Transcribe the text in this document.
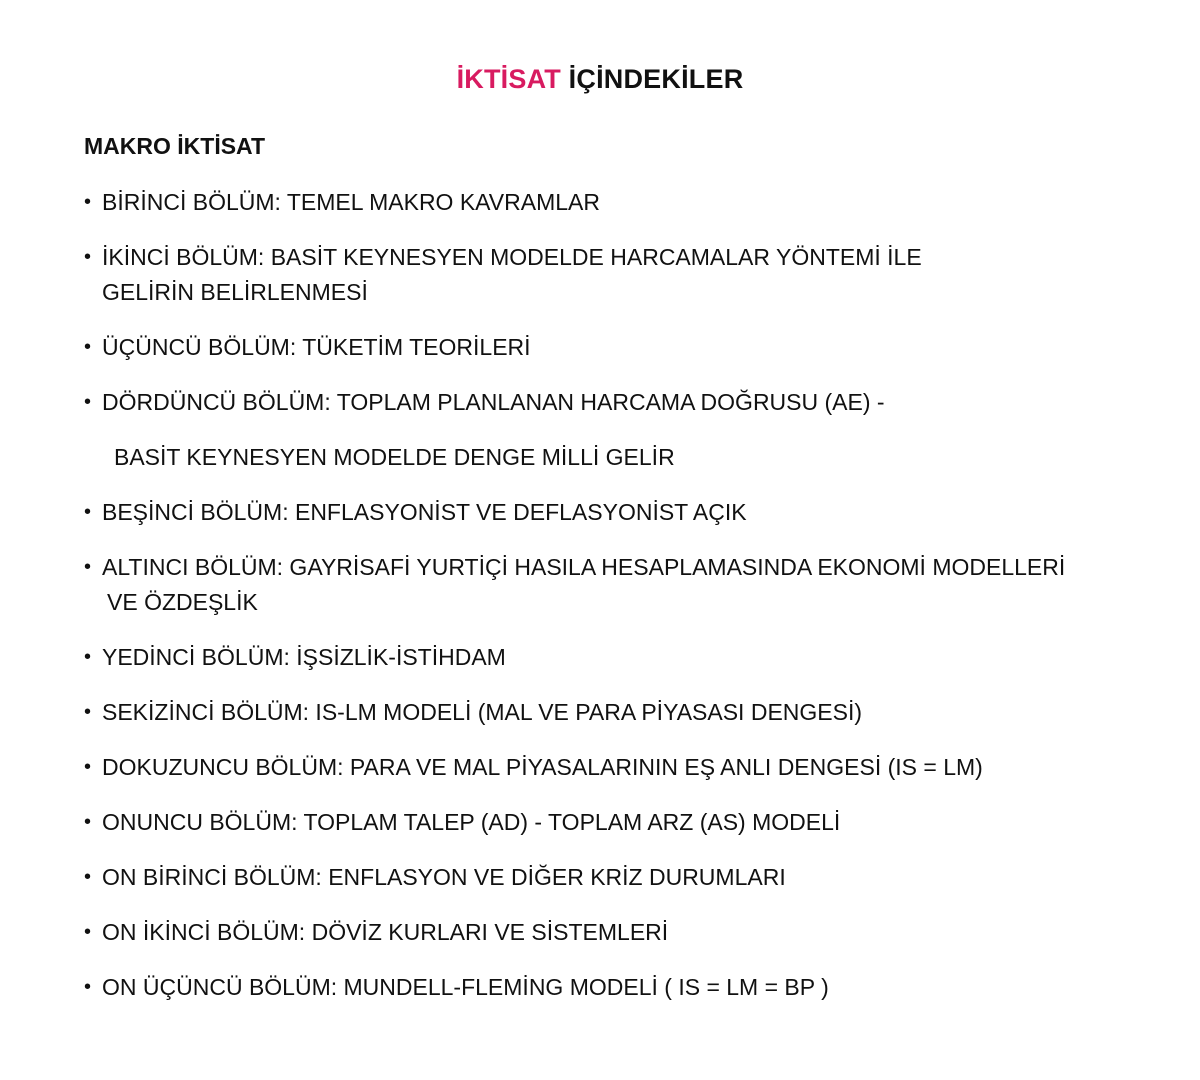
İKTİSAT İÇİNDEKİLER
MAKRO İKTİSAT
• BİRİNCİ BÖLÜM: TEMEL MAKRO KAVRAMLAR
• İKİNCİ BÖLÜM: BASİT KEYNESYEN MODELDE HARCAMALAR YÖNTEMİ İLE
GELİRİN BELİRLENMESİ
• ÜÇÜNCÜ BÖLÜM: TÜKETİM TEORİLERİ
• DÖRDÜNCÜ BÖLÜM: TOPLAM PLANLANAN HARCAMA DOĞRUSU (AE) -
BASİT KEYNESYEN MODELDE DENGE MİLLİ GELİR
• BEŞİNCİ BÖLÜM: ENFLASYONİST VE DEFLASYONİST AÇIK
• ALTINCI BÖLÜM: GAYRİSAFİ YURTİÇİ HASILA HESAPLAMASINDA EKONOMİ MODELLERİ
VE ÖZDEŞLİK
• YEDİNCİ BÖLÜM: İŞSİZLİK-İSTİHDAM
• SEKİZİNCİ BÖLÜM: IS-LM MODELİ (MAL VE PARA PİYASASI DENGESİ)
• DOKUZUNCU BÖLÜM: PARA VE MAL PİYASALARININ EŞ ANLI DENGESİ (IS = LM)
• ONUNCU BÖLÜM: TOPLAM TALEP (AD) - TOPLAM ARZ (AS) MODELİ
• ON BİRİNCİ BÖLÜM: ENFLASYON VE DİĞER KRİZ DURUMLARI
• ON İKİNCİ BÖLÜM: DÖVİZ KURLARI VE SİSTEMLERİ
• ON ÜÇÜNCÜ BÖLÜM: MUNDELL-FLEMİNG MODELİ ( IS = LM = BP )
